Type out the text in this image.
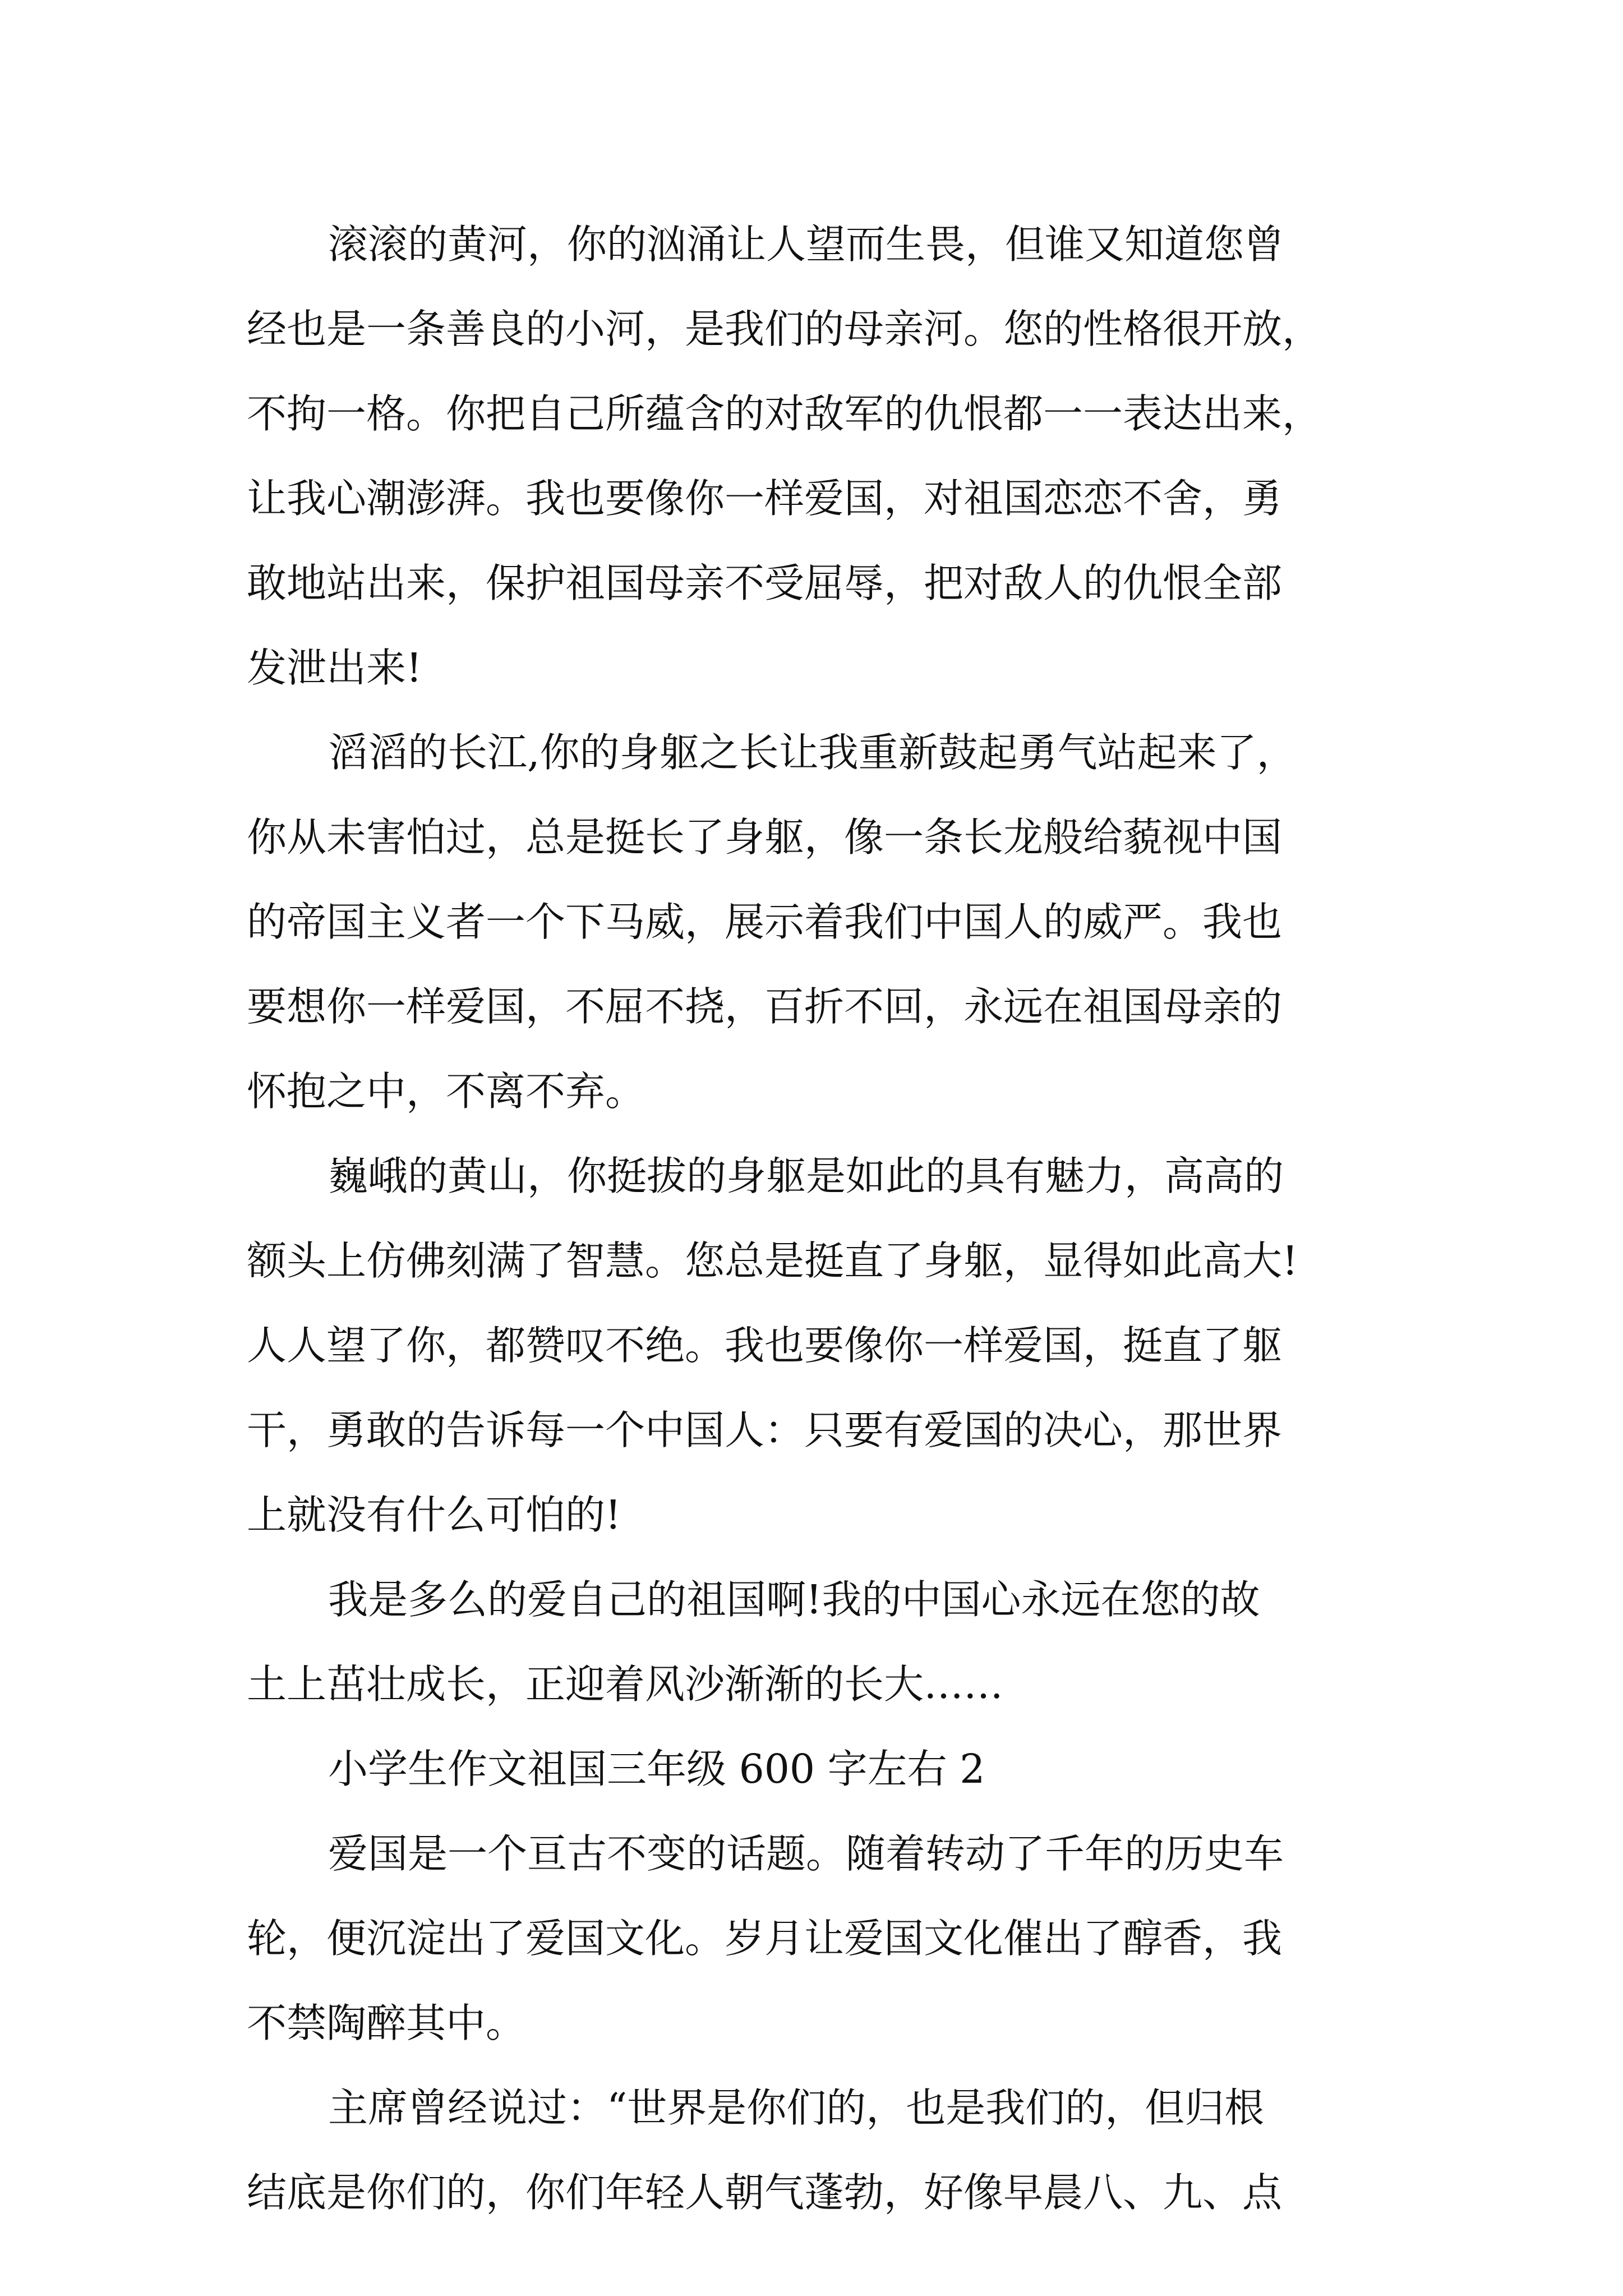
滚滚的黄河，你的汹涌让人望而生畏，但谁又知道您曾
经也是一条善良的小河，是我们的母亲河。您的性格很开放，
不拘一格。你把自己所蕴含的对敌军的仇恨都一一表达出来，
让我心潮澎湃。我也要像你一样爱国，对祖国恋恋不舍，勇
敢地站出来，保护祖国母亲不受屈辱，把对敌人的仇恨全部
发泄出来!
滔滔的长江,你的身躯之长让我重新鼓起勇气站起来了，
你从未害怕过，总是挺长了身躯，像一条长龙般给藐视中国
的帝国主义者一个下马威，展示着我们中国人的威严。我也
要想你一样爱国，不屈不挠，百折不回，永远在祖国母亲的
怀抱之中，不离不弃。
巍峨的黄山，你挺拔的身躯是如此的具有魅力，高高的
额头上仿佛刻满了智慧。您总是挺直了身躯，显得如此高大!
人人望了你，都赞叹不绝。我也要像你一样爱国，挺直了躯
干，勇敢的告诉每一个中国人：只要有爱国的决心，那世界
上就没有什么可怕的!
我是多么的爱自己的祖国啊!我的中国心永远在您的故
土上茁壮成长，正迎着风沙渐渐的长大……
小学生作文祖国三年级 600 字左右 2
爱国是一个亘古不变的话题。随着转动了千年的历史车
轮，便沉淀出了爱国文化。岁月让爱国文化催出了醇香，我
不禁陶醉其中。
主席曾经说过：“世界是你们的，也是我们的，但归根
结底是你们的，你们年轻人朝气蓬勃，好像早晨八、九、点
